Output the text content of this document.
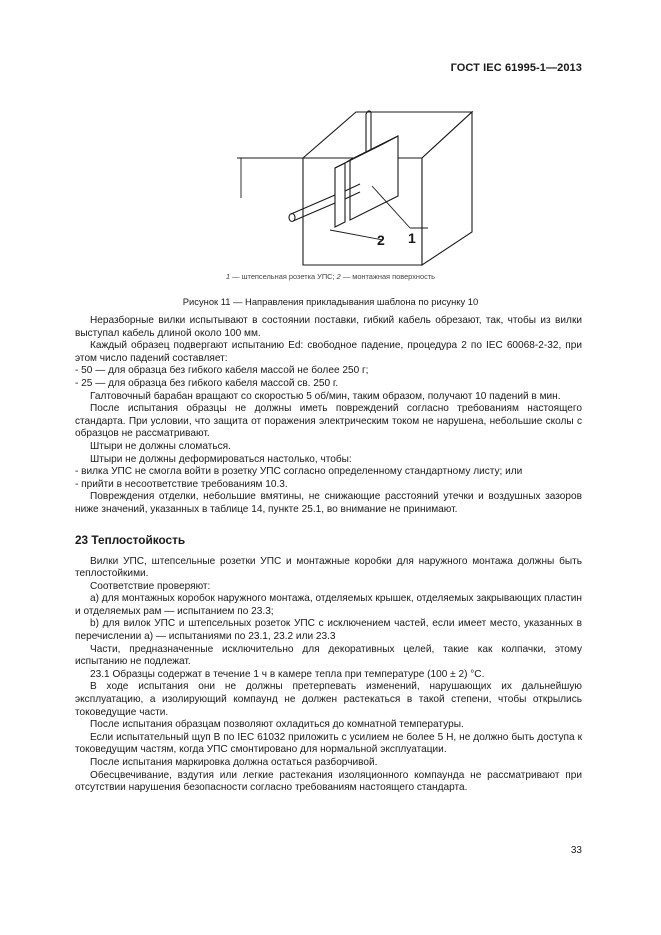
ГОСТ IEC 61995-1—2013
1
2
1 — штепсельная розетка УПС; 2 — монтажная поверхность
Рисунок 11 — Направления прикладывания шаблона по рисунку 10

Неразборные вилки испытывают в состоянии поставки, гибкий кабель обрезают, так, чтобы из вилки выступал кабель длиной около 100 мм.

Каждый образец подвергают испытанию Ed: свободное падение, процедура 2 по IEC 60068-2-32, при этом число падений составляет:

- 50 — для образца без гибкого кабеля массой не более 250 г;

- 25 — для образца без гибкого кабеля массой св. 250 г.

Галтовочный барабан вращают со скоростью 5 об/мин, таким образом, получают 10 падений в мин.

После испытания образцы не должны иметь повреждений согласно требованиям настоящего стандарта. При условии, что защита от поражения электрическим током не нарушена, небольшие сколы с образцов не рассматривают.

Штыри не должны сломаться.

Штыри не должны деформироваться настолько, чтобы:

- вилка УПС не смогла войти в розетку УПС согласно определенному стандартному листу; или

- прийти в несоответствие требованиям 10.3.

Повреждения отделки, небольшие вмятины, не снижающие расстояний утечки и воздушных зазоров ниже значений, указанных в таблице 14, пункте 25.1, во внимание не принимают.

23 Теплостойкость

Вилки УПС, штепсельные розетки УПС и монтажные коробки для наружного монтажа должны быть теплостойкими.

Соответствие проверяют:

а) для монтажных коробок наружного монтажа, отделяемых крышек, отделяемых закрывающих пластин и отделяемых рам — испытанием по 23.3;

b) для вилок УПС и штепсельных розеток УПС с исключением частей, если имеет место, указанных в перечислении а) — испытаниями по 23.1, 23.2 или 23.3

Части, предназначенные исключительно для декоративных целей, такие как колпачки, этому испытанию не подлежат.

23.1 Образцы содержат в течение 1 ч в камере тепла при температуре (100 ± 2) °С.

В ходе испытания они не должны претерпевать изменений, нарушающих их дальнейшую эксплуатацию, а изолирующий компаунд не должен растекаться в такой степени, чтобы открылись токоведущие части.

После испытания образцам позволяют охладиться до комнатной температуры.

Если испытательный щуп В по IEC 61032 приложить с усилием не более 5 Н, не должно быть доступа к токоведущим частям, когда УПС смонтировано для нормальной эксплуатации.

После испытания маркировка должна остаться разборчивой.

Обесцвечивание, вздутия или легкие растекания изоляционного компаунда не рассматривают при отсутствии нарушения безопасности согласно требованиям настоящего стандарта.

33
